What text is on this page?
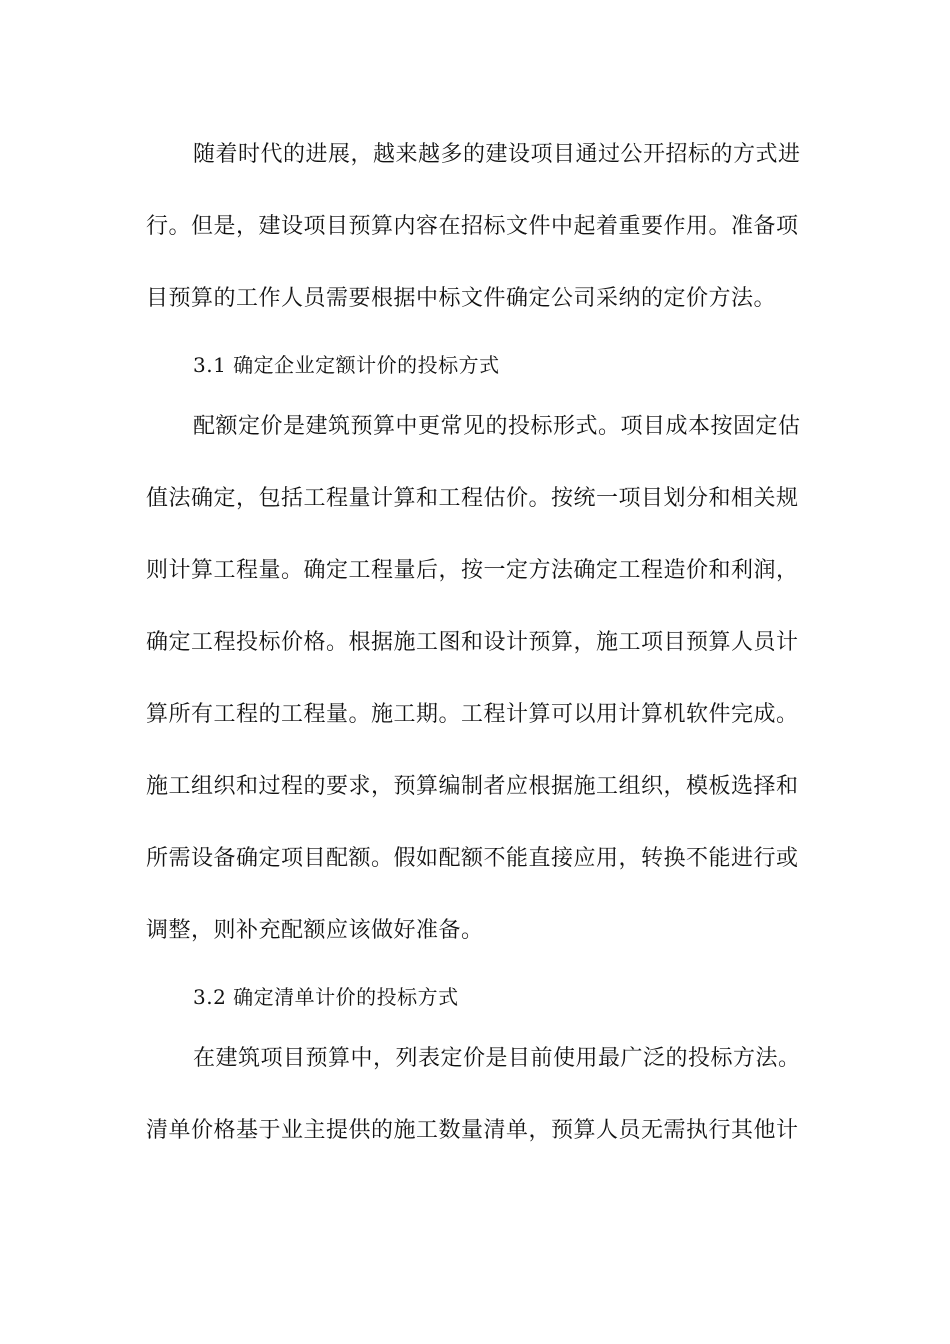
随着时代的进展，越来越多的建设项目通过公开招标的方式进
行。但是，建设项目预算内容在招标文件中起着重要作用。准备项
目预算的工作人员需要根据中标文件确定公司采纳的定价方法。
3.1 确定企业定额计价的投标方式
配额定价是建筑预算中更常见的投标形式。项目成本按固定估
值法确定，包括工程量计算和工程估价。按统一项目划分和相关规
则计算工程量。确定工程量后，按一定方法确定工程造价和利润，
确定工程投标价格。根据施工图和设计预算，施工项目预算人员计
算所有工程的工程量。施工期。工程计算可以用计算机软件完成。
施工组织和过程的要求，预算编制者应根据施工组织，模板选择和
所需设备确定项目配额。假如配额不能直接应用，转换不能进行或
调整，则补充配额应该做好准备。
3.2 确定清单计价的投标方式
在建筑项目预算中，列表定价是目前使用最广泛的投标方法。
清单价格基于业主提供的施工数量清单，预算人员无需执行其他计
